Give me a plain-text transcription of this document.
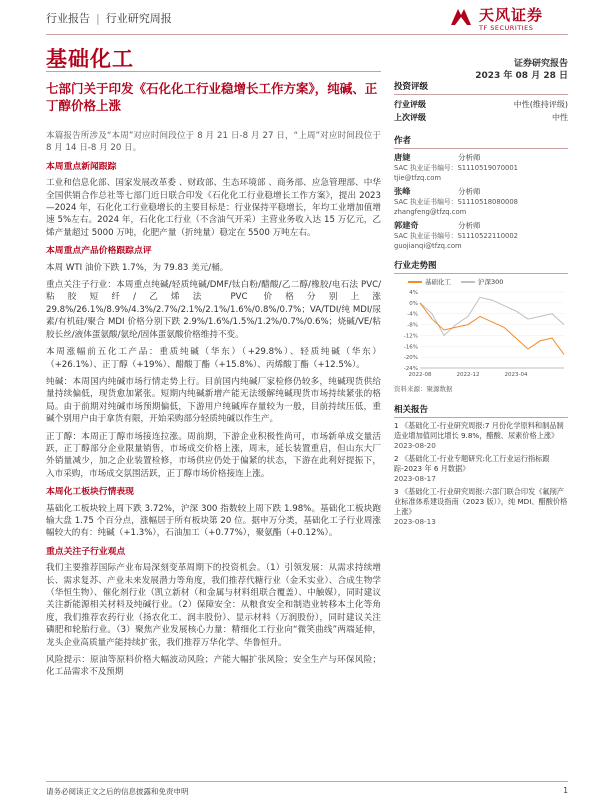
行业报告 | 行业研究周报	天风证券
TF SECURITIES
基础化工	证券研究报告
2023 年 08 月 28 日
七部门关于印发《石化化工行业稳增长工作方案》，纯碱、正丁醇价格上涨

本篇报告所涉及“本周”对应时间段位于 8 月 21 日-8 月 27 日，“上周”对应时间段位于 8 月 14 日-8 月 20 日。

本周重点新闻跟踪

工业和信息化部、国家发展改革委 、财政部、生态环境部 、商务部、应急管理部、中华全国供销合作总社等七部门近日联合印发《石化化工行业稳增长工作方案》，提出 2023—2024 年，石化化工行业稳增长的主要目标是：行业保持平稳增长，年均工业增加值增速 5%左右。2024 年，石化化工行业（不含油气开采）主营业务收入达 15 万亿元，乙烯产量超过 5000 万吨，化肥产量（折纯量）稳定在 5500 万吨左右。

本周重点产品价格跟踪点评

本周 WTI 油价下跌 1.7%，为 79.83 美元/桶。

重点关注子行业：本周重点纯碱/轻质纯碱/DMF/钛白粉/醋酸/乙二醇/橡胶/电石法 PVC/粘胶短纤/乙烯法 PVC 价格分别上涨 29.8%/26.1%/8.9%/4.3%/2.7%/2.1%/2.1%/1.6%/0.8%/0.7%；VA/TDI/纯 MDI/尿素/有机硅/聚合 MDI 价格分别下跌 2.9%/1.6%/1.5%/1.2%/0.7%/0.6%；烧碱/VE/粘胶长丝/液体蛋氨酸/氨纶/固体蛋氨酸价格维持不变。

本周涨幅前五化工产品：重质纯碱（华东）（+29.8%）、轻质纯碱（华东）（+26.1%）、正丁醇（+19%）、醋酸丁酯（+15.8%）、丙烯酸丁酯（+12.5%）。

纯碱：本周国内纯碱市场行情走势上行。目前国内纯碱厂家检修仍较多，纯碱现货供给量持续偏低，现货愈加紧张。短期内纯碱新增产能无法缓解纯碱现货市场持续紧张的格局。由于前期对纯碱市场预期偏低，下游用户纯碱库存量较为一般，目前持续压低，重碱个别用户由于拿货有限，开始采购部分轻质纯碱以作生产。

正丁醇：本周正丁醇市场接连拉涨。周前期，下游企业积极性尚可，市场新单成交量活跃，正丁醇部分企业限量销售，市场成交价格上涨，周末，延长装置重启，但山东大厂外销量减少，加之企业装置检修，市场供应仍处于偏紧的状态，下游在此利好提振下，入市采购，市场成交氛围活跃，正丁醇市场价格接连上涨。

本周化工板块行情表现

基础化工板块较上周下跌 3.72%，沪深 300 指数较上周下跌 1.98%。基础化工板块跑输大盘 1.75 个百分点，涨幅居于所有板块第 20 位。据申万分类，基础化工子行业周涨幅较大的有：纯碱（+1.3%），石油加工（+0.77%），聚氨酯（+0.12%）。

重点关注子行业观点

我们主要推荐国际产业布局深刻变革周期下的投资机会。（1）引领发展：从需求持续增长、需求复苏、产业未来发展潜力等角度，我们推荐代糖行业（金禾实业）、合成生物学（华恒生物）、催化剂行业（凯立新材（和金属与材料组联合覆盖）、中触媒），同时建议关注新能源相关材料及纯碱行业。（2）保障安全：从粮食安全和制造业转移本土化等角度，我们推荐农药行业（扬农化工、润丰股份）、显示材料（万润股份），同时建议关注磷肥和轮胎行业。（3）聚焦产业发展核心力量：精细化工行业向“微笑曲线”两端延伸，龙头企业高质量产能持续扩张，我们推荐万华化学、华鲁恒升。

风险提示：原油等原料价格大幅波动风险；产能大幅扩张风险；安全生产与环保风险；化工品需求不及预期

投资评级
行业评级	中性(维持评级)
上次评级	中性
作者
唐婕	分析师
SAC 执业证书编号：S1110519070001
tjie@tfzq.com
张峰	分析师
SAC 执业证书编号：S1110518080008
zhangfeng@tfzq.com
郭建奇	分析师
SAC 执业证书编号：S1110522110002
guojianqi@tfzq.com
行业走势图
基础化工	沪深300
4%
0%
-4%
-8%
-12%
-16%
-20%
-24%
2022-08	2022-12	2023-04
资料来源：聚源数据
相关报告
1 《基础化工-行业研究周报:7 月份化学原料和制品制造业增加值同比增长 9.8%，醋酸、尿素价格上涨》
2023-08-20
2 《基础化工-行业专题研究:化工行业运行指标跟踪-2023 年 6 月数据》
2023-08-17
3 《基础化工-行业研究周报:六部门联合印发《氟削产业标准体系建设指南（2023 版）》，纯 MDI、醋酸价格上涨》
2023-08-13
请务必阅读正文之后的信息披露和免责申明	1
